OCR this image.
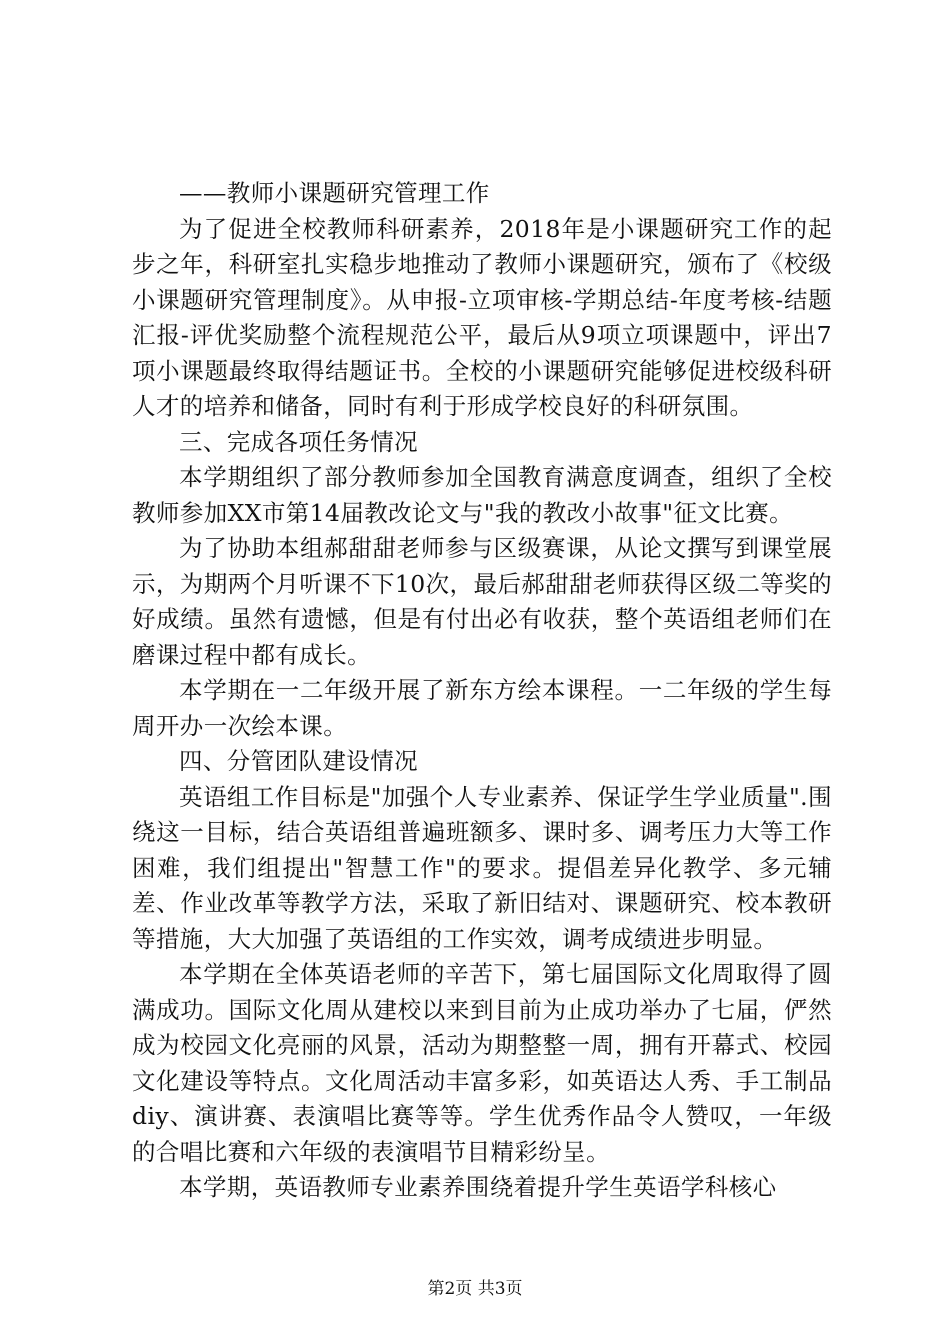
——教师小课题研究管理工作

为了促进全校教师科研素养，2018年是小课题研究工作的起步之年，科研室扎实稳步地推动了教师小课题研究，颁布了《校级小课题研究管理制度》。从申报-立项审核-学期总结-年度考核-结题汇报-评优奖励整个流程规范公平，最后从9项立项课题中，评出7项小课题最终取得结题证书。全校的小课题研究能够促进校级科研人才的培养和储备，同时有利于形成学校良好的科研氛围。

三、完成各项任务情况

本学期组织了部分教师参加全国教育满意度调查，组织了全校教师参加XX市第14届教改论文与"我的教改小故事"征文比赛。

为了协助本组郝甜甜老师参与区级赛课，从论文撰写到课堂展示，为期两个月听课不下10次，最后郝甜甜老师获得区级二等奖的好成绩。虽然有遗憾，但是有付出必有收获，整个英语组老师们在磨课过程中都有成长。

本学期在一二年级开展了新东方绘本课程。一二年级的学生每周开办一次绘本课。

四、分管团队建设情况

英语组工作目标是"加强个人专业素养、保证学生学业质量".围绕这一目标，结合英语组普遍班额多、课时多、调考压力大等工作困难，我们组提出"智慧工作"的要求。提倡差异化教学、多元辅差、作业改革等教学方法，采取了新旧结对、课题研究、校本教研等措施，大大加强了英语组的工作实效，调考成绩进步明显。

本学期在全体英语老师的辛苦下，第七届国际文化周取得了圆满成功。国际文化周从建校以来到目前为止成功举办了七届，俨然成为校园文化亮丽的风景，活动为期整整一周，拥有开幕式、校园文化建设等特点。文化周活动丰富多彩，如英语达人秀、手工制品diy、演讲赛、表演唱比赛等等。学生优秀作品令人赞叹，一年级的合唱比赛和六年级的表演唱节目精彩纷呈。

本学期，英语教师专业素养围绕着提升学生英语学科核心

第2页 共3页
